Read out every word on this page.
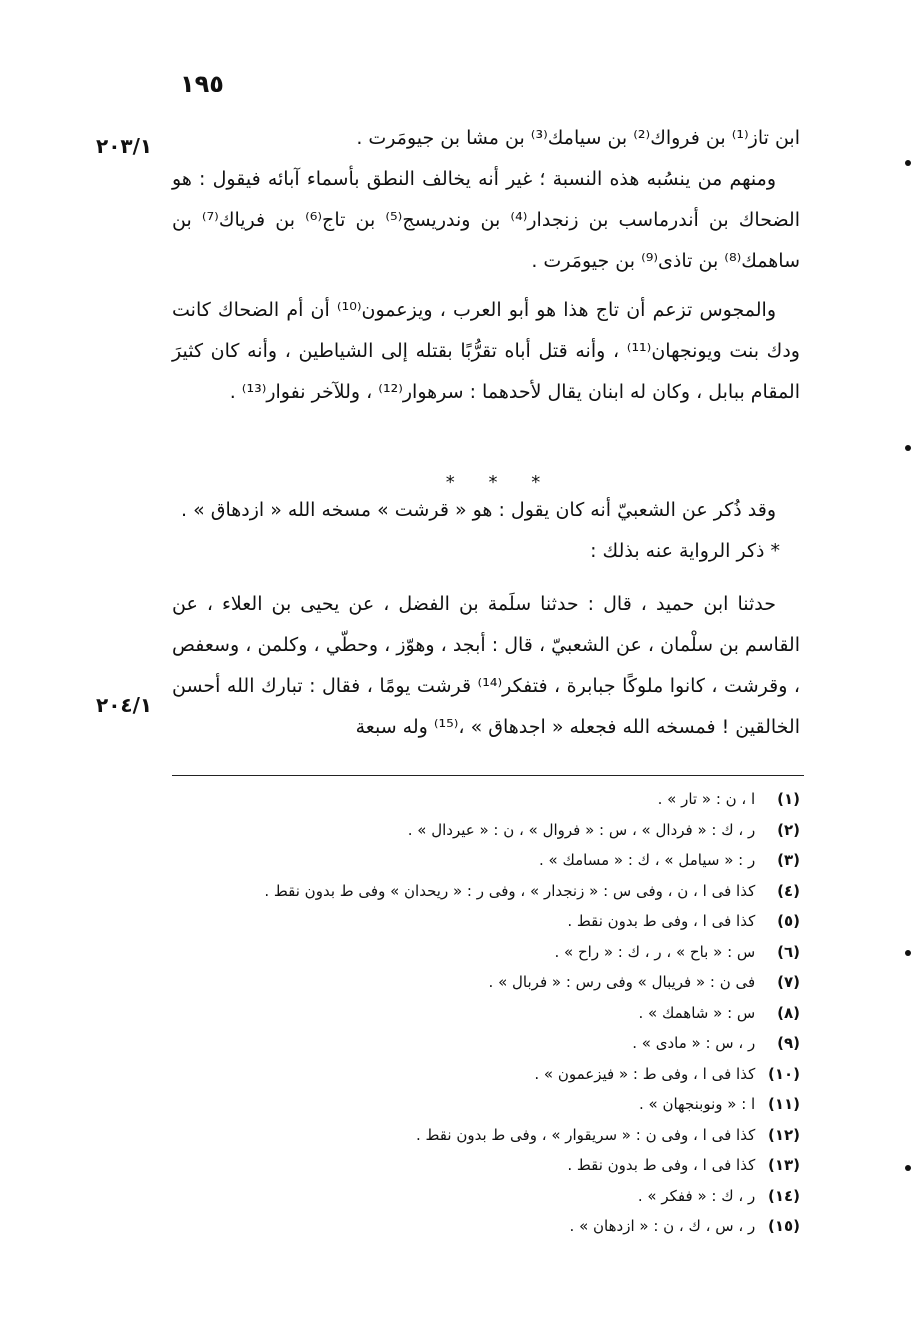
١٩٥
٢٠٣/١
٢٠٤/١

ابن تاز⁽¹⁾ بن فرواك⁽²⁾ بن سيامك⁽³⁾ بن مشا بن جيومَرت .

ومنهم من ينسُبه هذه النسبة ؛ غير أنه يخالف النطق بأسماء آبائه فيقول : هو الضحاك بن أندرماسب بن زنجدار⁽⁴⁾ بن وندريسج⁽⁵⁾ بن تاج⁽⁶⁾ بن فرياك⁽⁷⁾ بن ساهمك⁽⁸⁾ بن تاذى⁽⁹⁾ بن جيومَرت .

والمجوس تزعم أن تاج هذا هو أبو العرب ، ويزعمون⁽¹⁰⁾ أن أم الضحاك كانت ودك بنت ويونجهان⁽¹¹⁾ ، وأنه قتل أباه تقرُّبًا بقتله إلى الشياطين ، وأنه كان كثيرَ المقام ببابل ، وكان له ابنان يقال لأحدهما : سرهوار⁽¹²⁾ ، وللآخر نفوار⁽¹³⁾ .

* * *

وقد ذُكر عن الشعبيّ أنه كان يقول : هو « قرشت » مسخه الله « ازدهاق » .

* ذكر الرواية عنه بذلك :

حدثنا ابن حميد ، قال : حدثنا سلَمة بن الفضل ، عن يحيى بن العلاء ، عن القاسم بن سلْمان ، عن الشعبيّ ، قال : أبجد ، وهوّز ، وحطّي ، وكلمن ، وسعفص ، وقرشت ، كانوا ملوكًا جبابرة ، فتفكر⁽¹⁴⁾ قرشت يومًا ، فقال : تبارك الله أحسن الخالقين ! فمسخه الله فجعله « اجدهاق » ،⁽¹⁵⁾ وله سبعة

(١) ا ، ن : « تار » .
(٢) ر ، ك : « فردال » ، س : « فروال » ، ن : « عيردال » .
(٣) ر : « سيامل » ، ك : « مسامك » .
(٤) كذا فى ا ، ن ، وفى س : « زنجدار » ، وفى ر : « ريحدان » وفى ط بدون نقط .
(٥) كذا فى ا ، وفى ط بدون نقط .
(٦) س : « باح » ، ر ، ك : « راح » .
(٧) فى ن : « فريبال » وفى رس : « فربال » .
(٨) س : « شاهمك » .
(٩) ر ، س : « مادى » .
(١٠) كذا فى ا ، وفى ط : « فيزعمون » .
(١١) ا : « ونوبنجهان » .
(١٢) كذا فى ا ، وفى ن : « سريقوار » ، وفى ط بدون نقط .
(١٣) كذا فى ا ، وفى ط بدون نقط .
(١٤) ر ، ك : « ففكر » .
(١٥) ر ، س ، ك ، ن : « ازدهان » .
